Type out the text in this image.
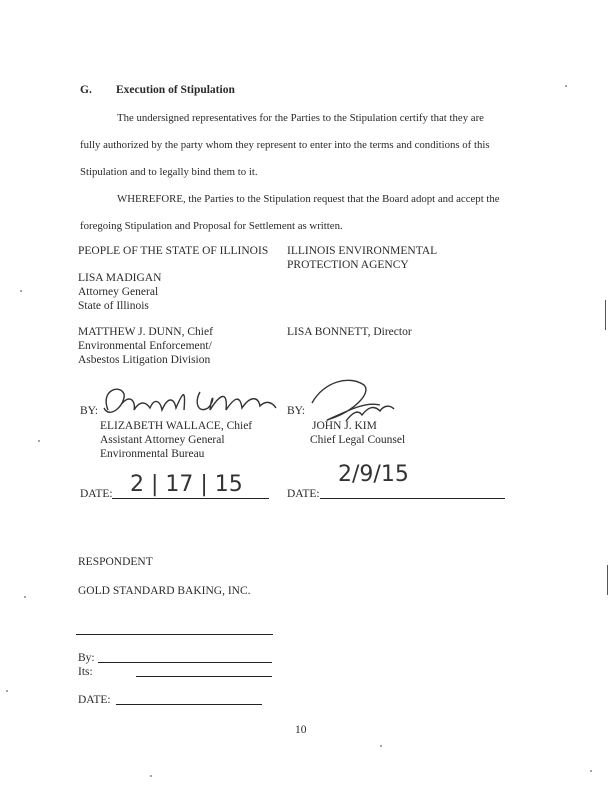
G. Execution of Stipulation
The undersigned representatives for the Parties to the Stipulation certify that they are
fully authorized by the party whom they represent to enter into the terms and conditions of this
Stipulation and to legally bind them to it.
WHEREFORE, the Parties to the Stipulation request that the Board adopt and accept the
foregoing Stipulation and Proposal for Settlement as written.
PEOPLE OF THE STATE OF ILLINOIS
LISA MADIGAN
Attorney General
State of Illinois
MATTHEW J. DUNN, Chief
Environmental Enforcement/
Asbestos Litigation Division
ILLINOIS ENVIRONMENTAL
PROTECTION AGENCY
LISA BONNETT, Director
BY:
ELIZABETH WALLACE, Chief
Assistant Attorney General
Environmental Bureau
BY:
JOHN J. KIM
Chief Legal Counsel
DATE: 2 | 17 | 15	DATE:
2/9/15
RESPONDENT
GOLD STANDARD BAKING, INC.
By:
Its:
DATE:
10
